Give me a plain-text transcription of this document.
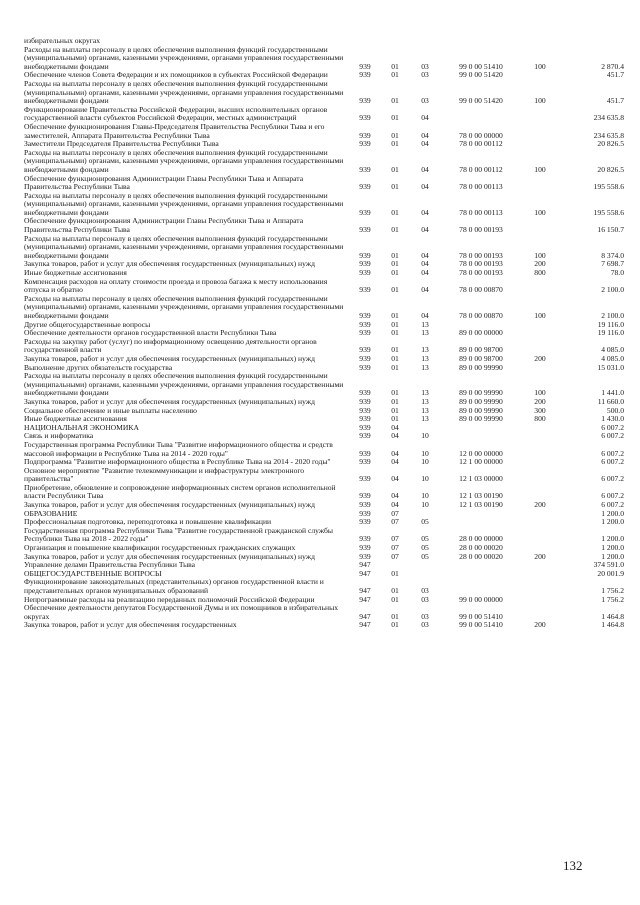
избирательных округах						
Расходы на выплаты персоналу в целях обеспечения выполнения функций государственными (муниципальными) органами, казенными учреждениями, органами управления государственными внебюджетными фондами	939	01	03	99 0 00 51410	100	2 870.4
Обеспечение членов Совета Федерации и их помощников в субъектах Российской Федерации	939	01	03	99 0 00 51420		451.7
Расходы на выплаты персоналу в целях обеспечения выполнения функций государственными (муниципальными) органами, казенными учреждениями, органами управления государственными внебюджетными фондами	939	01	03	99 0 00 51420	100	451.7
Функционирование Правительства Российской Федерации, высших исполнительных органов государственной власти субъектов Российской Федерации, местных администраций	939	01	04			234 635.8
Обеспечение функционирования Главы-Председателя Правительства Республики Тыва и его заместителей, Аппарата Правительства Республики Тыва	939	01	04	78 0 00 00000		234 635.8
Заместители Председателя Правительства Республики Тыва	939	01	04	78 0 00 00112		20 826.5
Расходы на выплаты персоналу в целях обеспечения выполнения функций государственными (муниципальными) органами, казенными учреждениями, органами управления государственными внебюджетными фондами	939	01	04	78 0 00 00112	100	20 826.5
Обеспечение функционирования Администрации Главы Республики Тыва и Аппарата Правительства Республики Тыва	939	01	04	78 0 00 00113		195 558.6
Расходы на выплаты персоналу в целях обеспечения выполнения функций государственными (муниципальными) органами, казенными учреждениями, органами управления государственными внебюджетными фондами	939	01	04	78 0 00 00113	100	195 558.6
Обеспечение функционирования Администрации Главы Республики Тыва и Аппарата Правительства Республики Тыва	939	01	04	78 0 00 00193		16 150.7
Расходы на выплаты персоналу в целях обеспечения выполнения функций государственными (муниципальными) органами, казенными учреждениями, органами управления государственными внебюджетными фондами	939	01	04	78 0 00 00193	100	8 374.0
Закупка товаров, работ и услуг для обеспечения государственных (муниципальных) нужд	939	01	04	78 0 00 00193	200	7 698.7
Иные бюджетные ассигнования	939	01	04	78 0 00 00193	800	78.0
Компенсация расходов на оплату стоимости проезда и провоза багажа к месту использования отпуска и обратно	939	01	04	78 0 00 00870		2 100.0
Расходы на выплаты персоналу в целях обеспечения выполнения функций государственными (муниципальными) органами, казенными учреждениями, органами управления государственными внебюджетными фондами	939	01	04	78 0 00 00870	100	2 100.0
Другие общегосударственные вопросы	939	01	13			19 116.0
Обеспечение деятельности органов государственной власти Республики Тыва	939	01	13	89 0 00 00000		19 116.0
Расходы на закупку работ (услуг) по информационному освещению деятельности органов государственной власти	939	01	13	89 0 00 98700		4 085.0
Закупка товаров, работ и услуг для обеспечения государственных (муниципальных) нужд	939	01	13	89 0 00 98700	200	4 085.0
Выполнение других обязательств государства	939	01	13	89 0 00 99990		15 031.0
Расходы на выплаты персоналу в целях обеспечения выполнения функций государственными (муниципальными) органами, казенными учреждениями, органами управления государственными внебюджетными фондами	939	01	13	89 0 00 99990	100	1 441.0
Закупка товаров, работ и услуг для обеспечения государственных (муниципальных) нужд	939	01	13	89 0 00 99990	200	11 660.0
Социальное обеспечение и иные выплаты населению	939	01	13	89 0 00 99990	300	500.0
Иные бюджетные ассигнования	939	01	13	89 0 00 99990	800	1 430.0
НАЦИОНАЛЬНАЯ ЭКОНОМИКА	939	04				6 007.2
Связь и информатика	939	04	10			6 007.2
Государственная программа Республики Тыва "Развитие информационного общества и средств массовой информации в Республике Тыва на 2014 - 2020 годы"	939	04	10	12 0 00 00000		6 007.2
Подпрограмма "Развитие информационного общества в Республике Тыва на 2014 - 2020 годы"	939	04	10	12 1 00 00000		6 007.2
Основное мероприятие "Развитие телекоммуникации и инфраструктуры электронного правительства"	939	04	10	12 1 03 00000		6 007.2
Приобретение, обновление и сопровождение информационных систем органов исполнительной власти Республики Тыва	939	04	10	12 1 03 00190		6 007.2
Закупка товаров, работ и услуг для обеспечения государственных (муниципальных) нужд	939	04	10	12 1 03 00190	200	6 007.2
ОБРАЗОВАНИЕ	939	07				1 200.0
Профессиональная подготовка, переподготовка и повышение квалификации	939	07	05			1 200.0
Государственная программа Республики Тыва "Развитие государственной гражданской службы Республики Тыва на 2018 - 2022 годы"	939	07	05	28 0 00 00000		1 200.0
Организация и повышение квалификации государственных гражданских служащих	939	07	05	28 0 00 00020		1 200.0
Закупка товаров, работ и услуг для обеспечения государственных (муниципальных) нужд	939	07	05	28 0 00 00020	200	1 200.0
Управление делами Правительства Республики Тыва	947					374 591.0
ОБЩЕГОСУДАРСТВЕННЫЕ ВОПРОСЫ	947	01				20 001.9
Функционирование законодательных (представительных) органов государственной власти и представительных органов муниципальных образований	947	01	03			1 756.2
Непрограммные расходы на реализацию переданных полномочий Российской Федерации	947	01	03	99 0 00 00000		1 756.2
Обеспечение деятельности депутатов Государственной Думы и их помощников в избирательных округах	947	01	03	99 0 00 51410		1 464.8
Закупка товаров, работ и услуг для обеспечения государственных	947	01	03	99 0 00 51410	200	1 464.8
132
